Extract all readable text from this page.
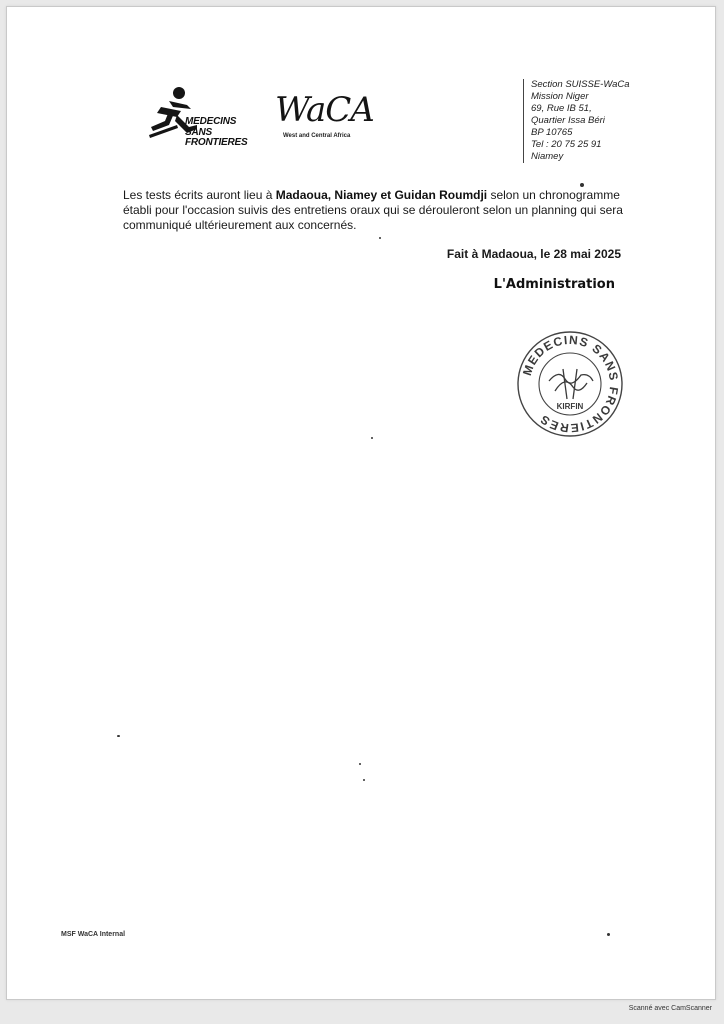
MEDECINS
SANS FRONTIERES
WaCA
West and Central Africa
Section SUISSE-WaCa
Mission Niger
69, Rue IB 51,
Quartier Issa Béri
BP 10765
Tel : 20 75 25 91
Niamey
Les tests écrits auront lieu à Madaoua, Niamey et Guidan Roumdji selon un chronogramme établi pour l'occasion suivis des entretiens oraux qui se dérouleront selon un planning qui sera communiqué ultérieurement aux concernés.
Fait à Madaoua, le 28 mai 2025
L'Administration
MEDECINS SANS FRONTIERES
KIRFIN
MSF WaCA Internal
Scanné avec CamScanner
